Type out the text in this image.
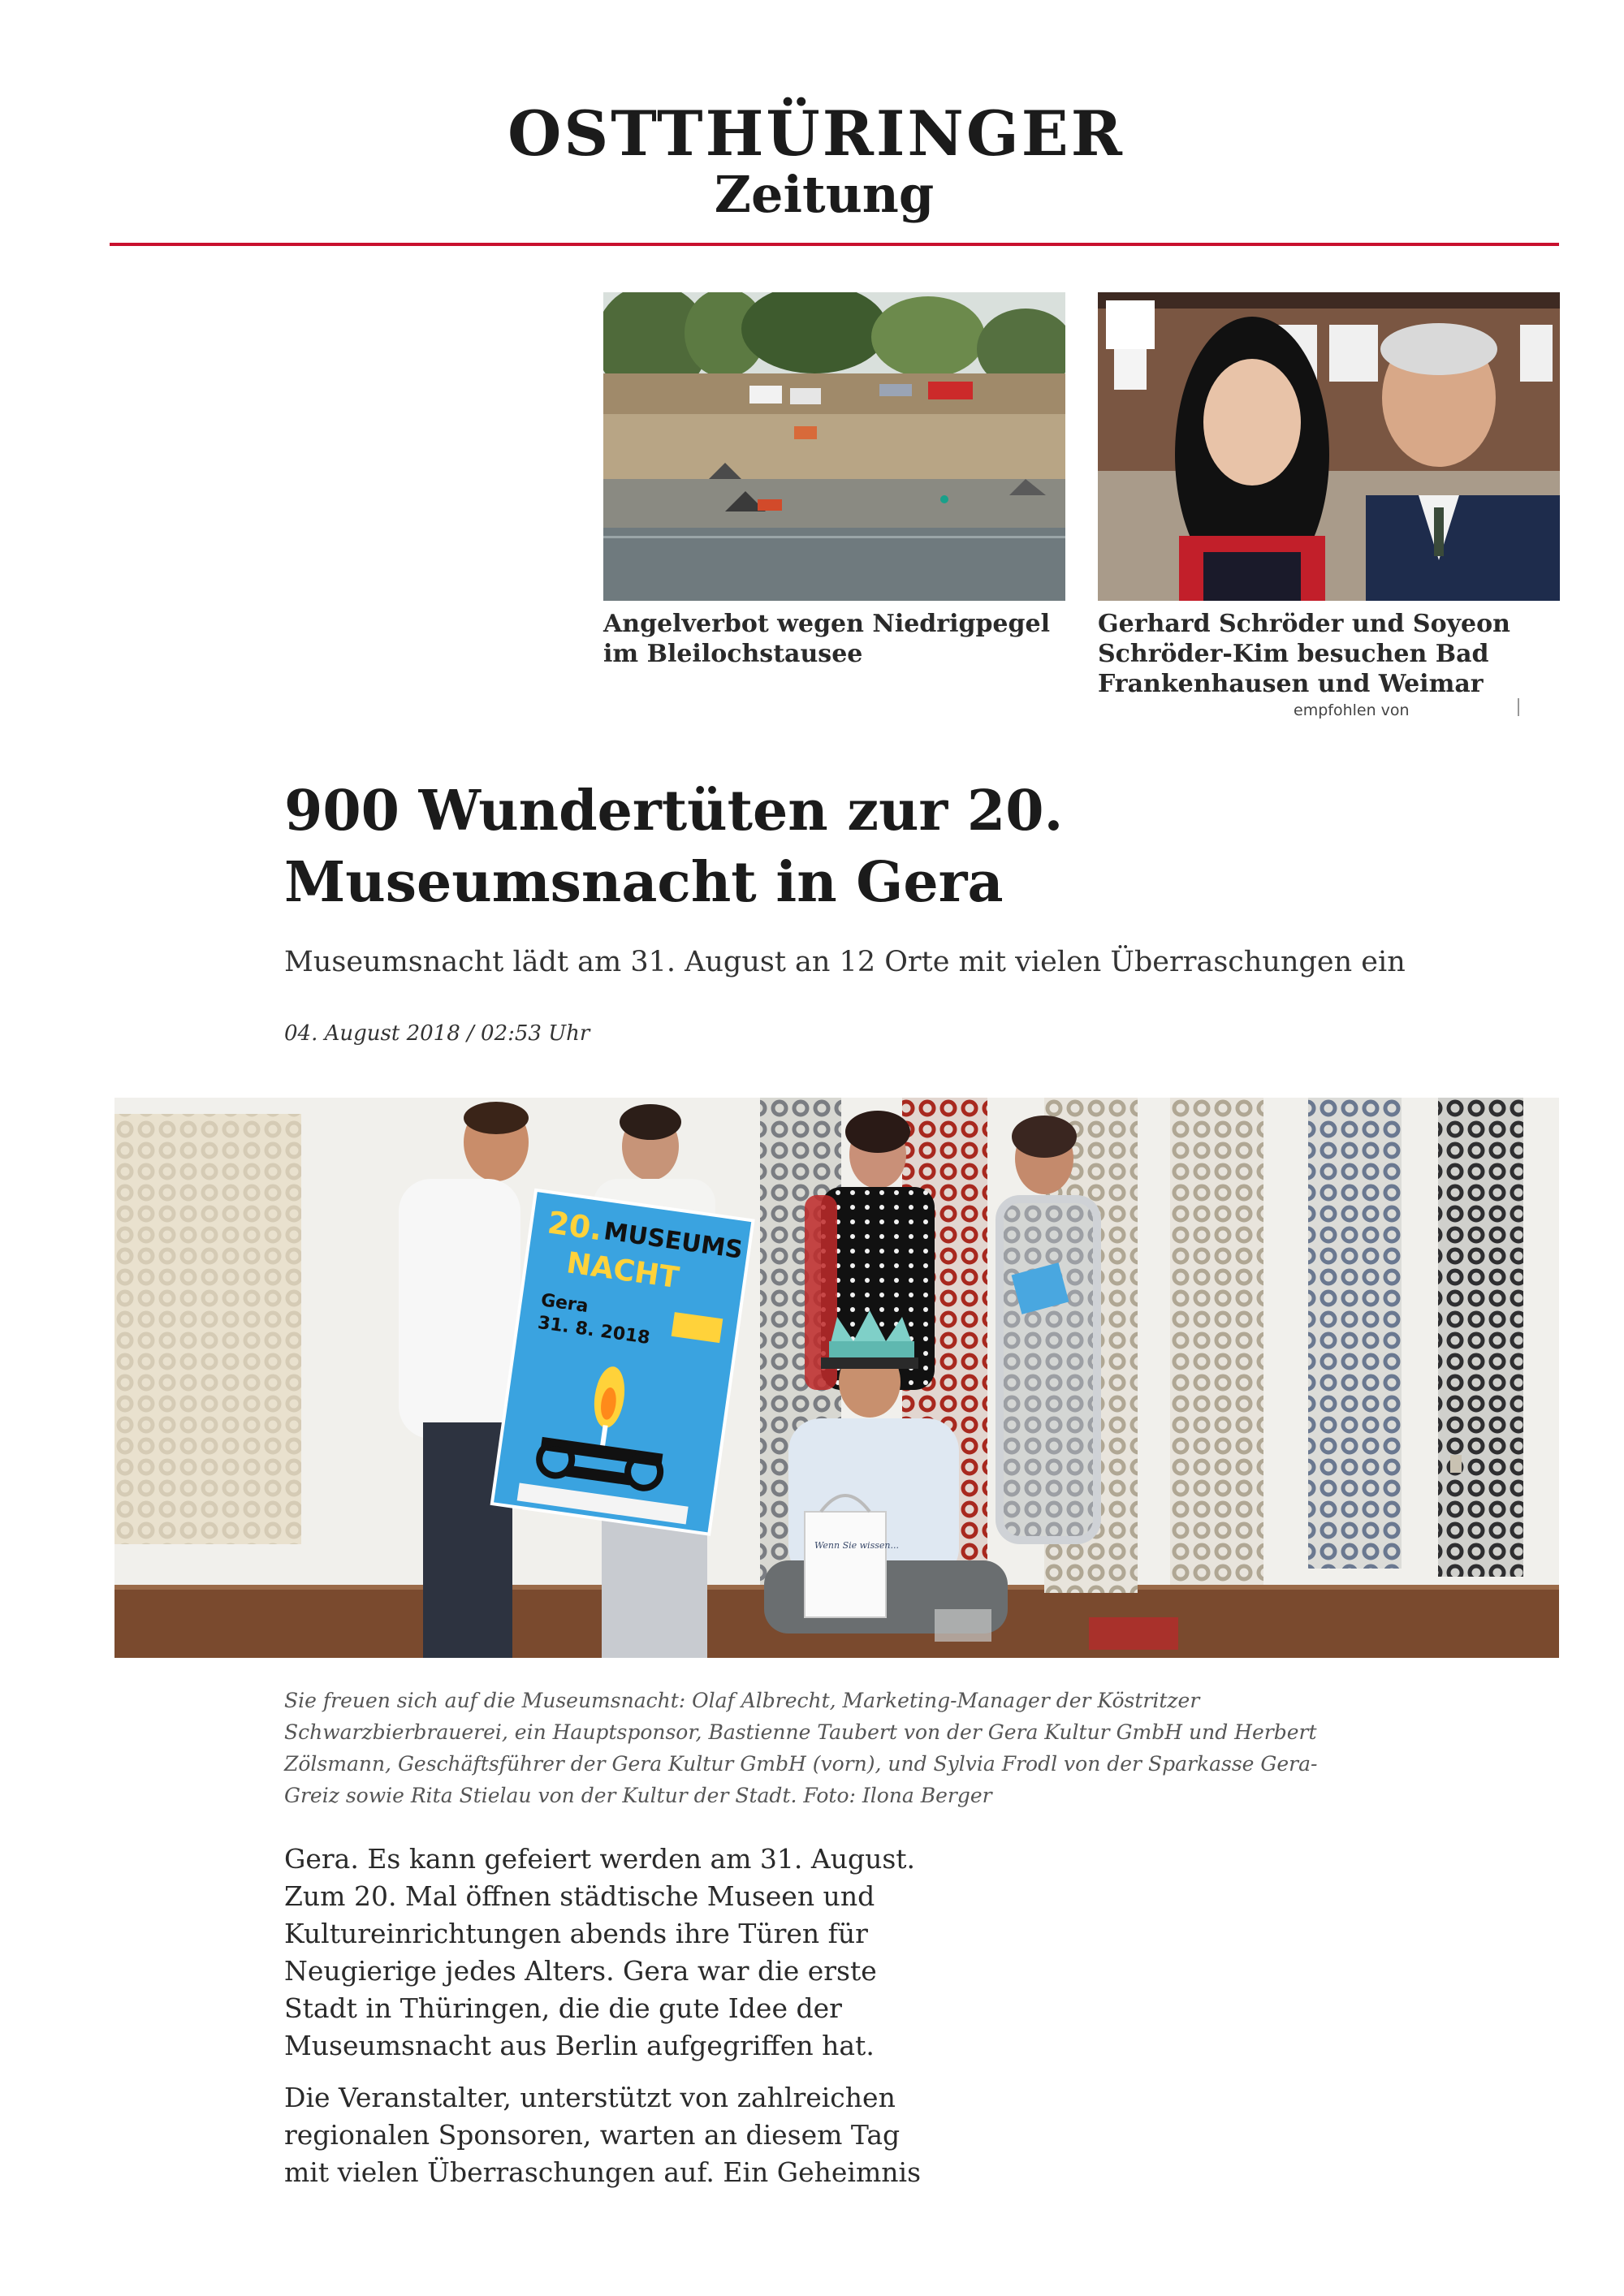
OSTTHÜRINGER
Zeitung
Angelverbot wegen Niedrigpegel im Bleilochstausee
Gerhard Schröder und Soyeon Schröder-Kim besuchen Bad Frankenhausen und Weimar
empfohlen von
900 Wundertüten zur 20. Museumsnacht in Gera

Museumsnacht lädt am 31. August an 12 Orte mit vielen Überraschungen ein

04. August 2018 / 02:53 Uhr
20.
MUSEUMS
NACHT
Gera
31. 8. 2018
Wenn Sie wissen...

Sie freuen sich auf die Museumsnacht: Olaf Albrecht, Marketing-Manager der Köstritzer Schwarzbierbrauerei, ein Hauptsponsor, Bastienne Taubert von der Gera Kultur GmbH und Herbert Zölsmann, Geschäftsführer der Gera Kultur GmbH (vorn), und Sylvia Frodl von der Sparkasse Gera-Greiz sowie Rita Stielau von der Kultur der Stadt. Foto: Ilona Berger

Gera. Es kann gefeiert werden am 31. August. Zum 20. Mal öffnen städtische Museen und Kultureinrichtungen abends ihre Türen für Neugierige jedes Alters. Gera war die erste Stadt in Thüringen, die die gute Idee der Museumsnacht aus Berlin aufgegriffen hat.

Die Veranstalter, unterstützt von zahlreichen regionalen Sponsoren, warten an diesem Tag mit vielen Überraschungen auf. Ein Geheimnis
